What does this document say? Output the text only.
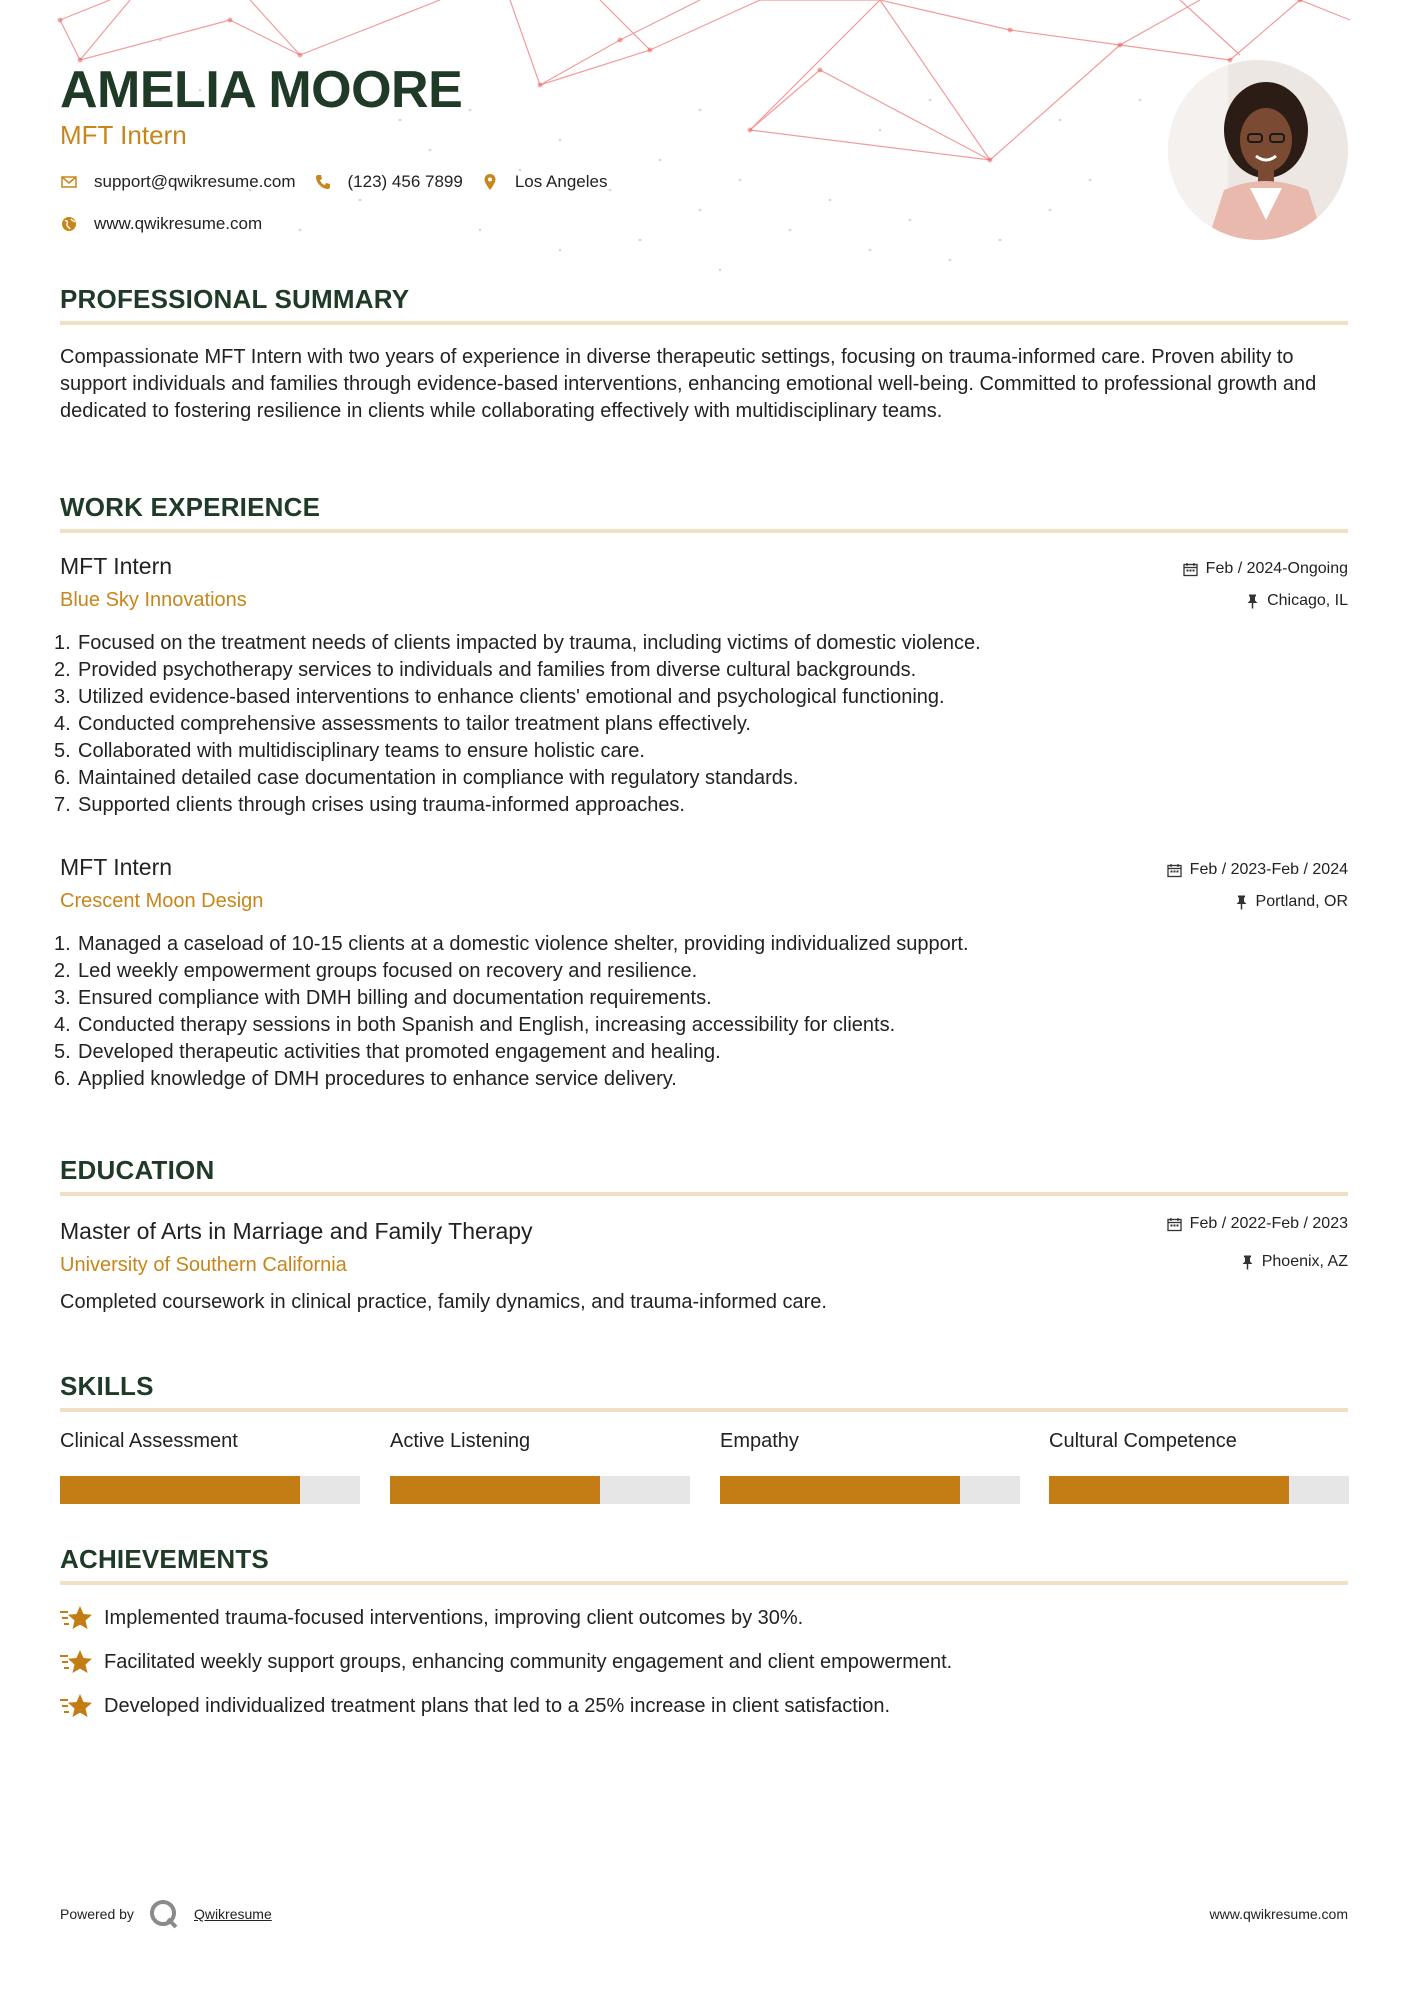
AMELIA MOORE
MFT Intern
support@qwikresume.com	(123) 456 7899	Los Angeles
www.qwikresume.com
PROFESSIONAL SUMMARY
Compassionate MFT Intern with two years of experience in diverse therapeutic settings, focusing on trauma-informed care. Proven ability to support individuals and families through evidence-based interventions, enhancing emotional well-being. Committed to professional growth and dedicated to fostering resilience in clients while collaborating effectively with multidisciplinary teams.
WORK EXPERIENCE
MFT Intern
Blue Sky Innovations
Feb / 2024-Ongoing
Chicago, IL
1. Focused on the treatment needs of clients impacted by trauma, including victims of domestic violence.
2. Provided psychotherapy services to individuals and families from diverse cultural backgrounds.
3. Utilized evidence-based interventions to enhance clients' emotional and psychological functioning.
4. Conducted comprehensive assessments to tailor treatment plans effectively.
5. Collaborated with multidisciplinary teams to ensure holistic care.
6. Maintained detailed case documentation in compliance with regulatory standards.
7. Supported clients through crises using trauma-informed approaches.
MFT Intern
Crescent Moon Design
Feb / 2023-Feb / 2024
Portland, OR
1. Managed a caseload of 10-15 clients at a domestic violence shelter, providing individualized support.
2. Led weekly empowerment groups focused on recovery and resilience.
3. Ensured compliance with DMH billing and documentation requirements.
4. Conducted therapy sessions in both Spanish and English, increasing accessibility for clients.
5. Developed therapeutic activities that promoted engagement and healing.
6. Applied knowledge of DMH procedures to enhance service delivery.
EDUCATION
Master of Arts in Marriage and Family Therapy
University of Southern California
Feb / 2022-Feb / 2023
Phoenix, AZ
Completed coursework in clinical practice, family dynamics, and trauma-informed care.
SKILLS
Clinical Assessment	Active Listening	Empathy	Cultural Competence
ACHIEVEMENTS
Implemented trauma-focused interventions, improving client outcomes by 30%.
Facilitated weekly support groups, enhancing community engagement and client empowerment.
Developed individualized treatment plans that led to a 25% increase in client satisfaction.
Powered by	Qwikresume	www.qwikresume.com
